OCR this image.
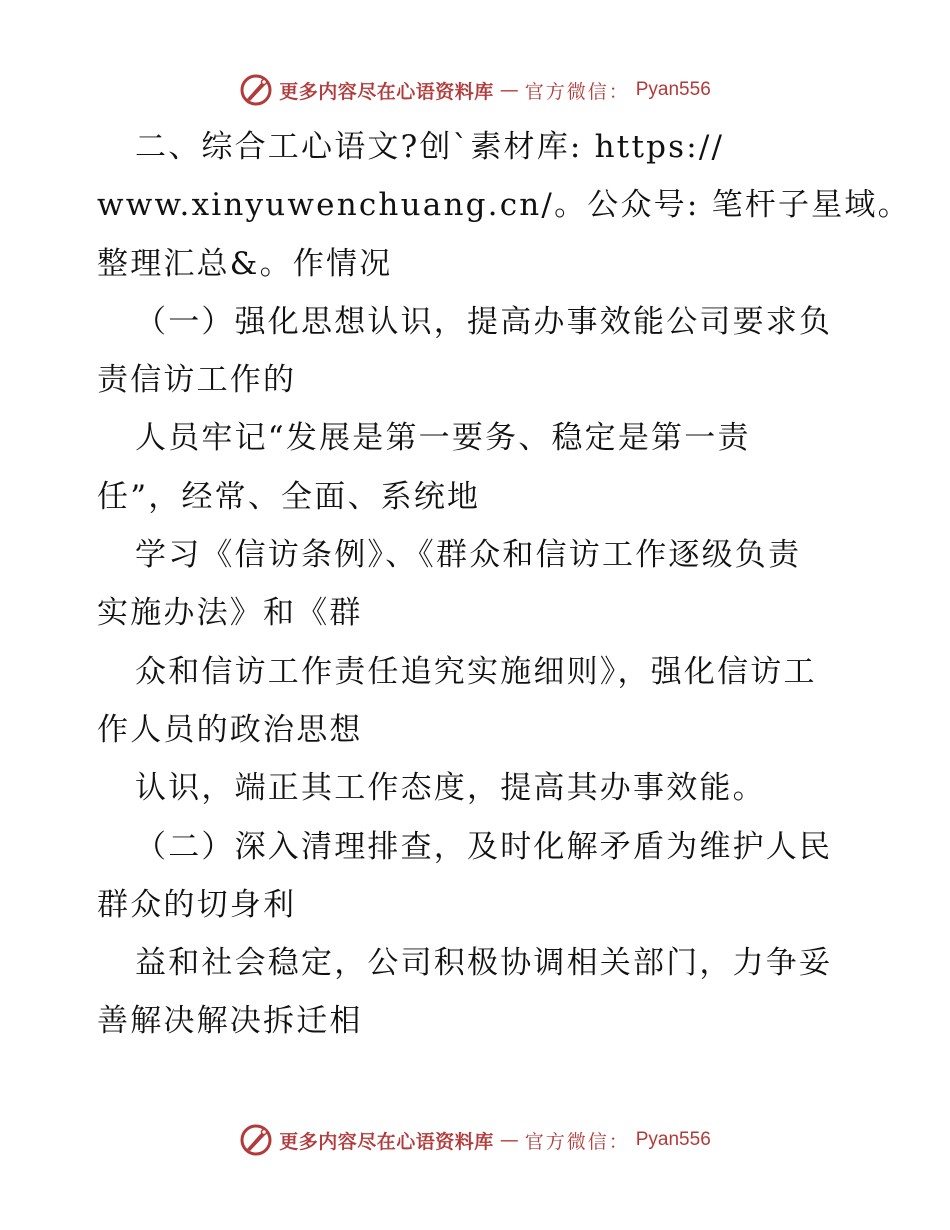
更多内容尽在心语资料库 — 官方微信： Pyan556
二、综合工心语文?创`素材库: https://
www.xinyuwenchuang.cn/。公众号: 笔杆子星域。
整理汇总&。作情况
（一）强化思想认识，提高办事效能公司要求负
责信访工作的
人员牢记“发展是第一要务、稳定是第一责
任”，经常、全面、系统地
学习《信访条例》、《群众和信访工作逐级负责
实施办法》和《群
众和信访工作责任追究实施细则》，强化信访工
作人员的政治思想
认识，端正其工作态度，提高其办事效能。
（二）深入清理排查，及时化解矛盾为维护人民
群众的切身利
益和社会稳定，公司积极协调相关部门，力争妥
善解决解决拆迁相
更多内容尽在心语资料库 — 官方微信： Pyan556
